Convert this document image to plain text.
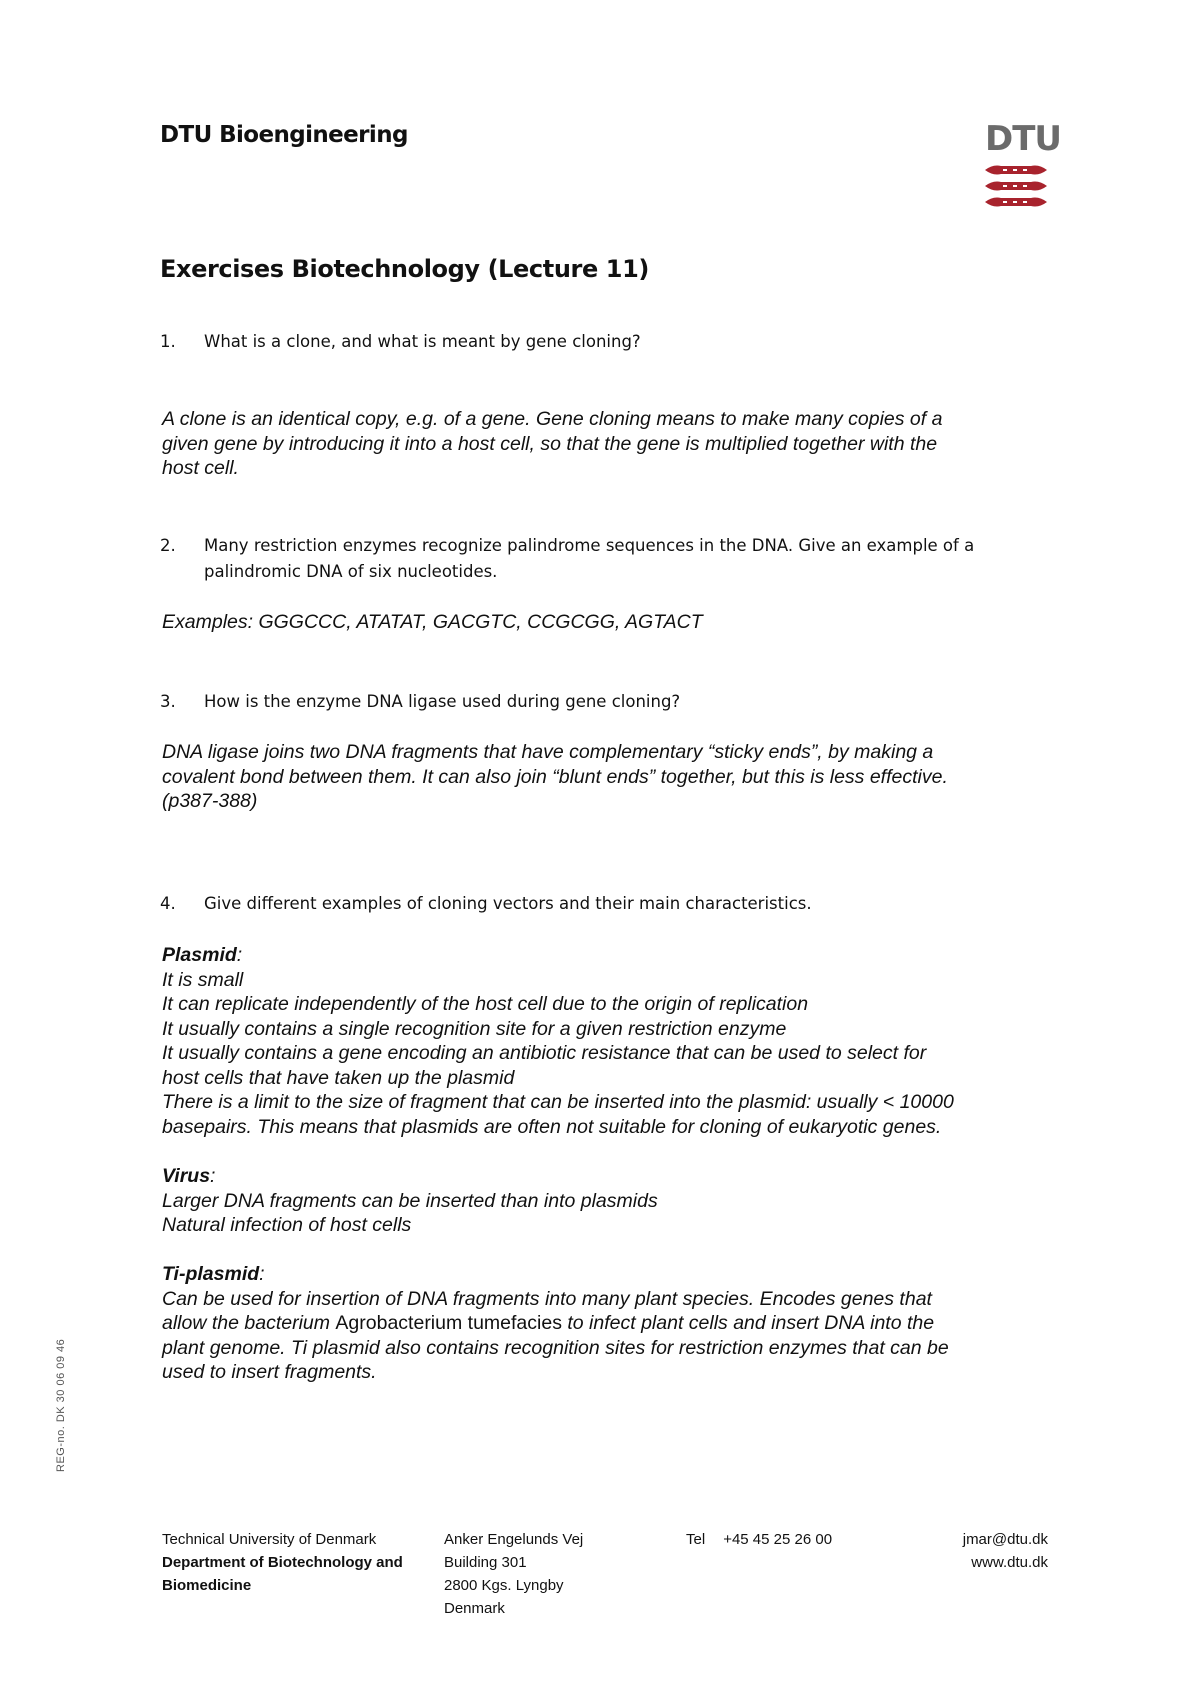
DTU Bioengineering	DTU
Exercises Biotechnology (Lecture 11)
1.	What is a clone, and what is meant by gene cloning?
A clone is an identical copy, e.g. of a gene. Gene cloning means to make many copies of a
given gene by introducing it into a host cell, so that the gene is multiplied together with the
host cell.
2.	Many restriction enzymes recognize palindrome sequences in the DNA. Give an example of a palindromic DNA of six nucleotides.
Examples: GGGCCC, ATATAT, GACGTC, CCGCGG, AGTACT
3.	How is the enzyme DNA ligase used during gene cloning?
DNA ligase joins two DNA fragments that have complementary “sticky ends”, by making a
covalent bond between them. It can also join “blunt ends” together, but this is less effective.
(p387-388)
4.	Give different examples of cloning vectors and their main characteristics.
Plasmid:
It is small
It can replicate independently of the host cell due to the origin of replication
It usually contains a single recognition site for a given restriction enzyme
It usually contains a gene encoding an antibiotic resistance that can be used to select for
host cells that have taken up the plasmid
There is a limit to the size of fragment that can be inserted into the plasmid: usually < 10000
basepairs. This means that plasmids are often not suitable for cloning of eukaryotic genes.
Virus:
Larger DNA fragments can be inserted than into plasmids
Natural infection of host cells
Ti-plasmid:
Can be used for insertion of DNA fragments into many plant species. Encodes genes that
allow the bacterium Agrobacterium tumefacies to infect plant cells and insert DNA into the
plant genome. Ti plasmid also contains recognition sites for restriction enzymes that can be
used to insert fragments.
REG-no. DK 30 06 09 46
Technical University of Denmark
Department of Biotechnology and
Biomedicine
Anker Engelunds Vej
Building 301
2800 Kgs. Lyngby
Denmark
Tel +45 45 25 26 00	jmar@dtu.dk
www.dtu.dk
